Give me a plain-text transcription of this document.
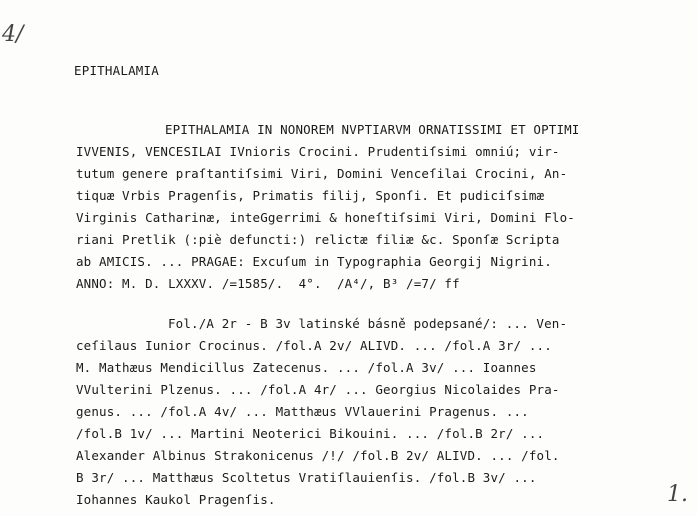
4/
EPITHALAMIA
EPITHALAMIA IN NONOREM NVPTIARVM ORNATISSIMI ET OPTIMI
IVVENIS, VENCESILAI IVnioris Crocini. Prudentiſsimi omniú; vir-
tutum genere praſtantiſsimi Viri, Domini Venceſilai Crocini, An-
tiquæ Vrbis Pragenſis, Primatis filij, Sponſi. Et pudiciſsimæ
Virginis Catharinæ, inteGgerrimi & honeſtiſsimi Viri, Domini Flo-
riani Pretlik (:piè defuncti:) relictæ filiæ &c. Sponſæ Scripta
ab AMICIS. ... PRAGAE: Excuſum in Typographia Georgij Nigrini.
ANNO: M. D. LXXXV. /=1585/.  4°.  /A⁴/, B³ /=7/ ff
Fol./A 2r - B 3v latinské básně podepsané/: ... Ven-
ceſilaus Iunior Crocinus. /fol.A 2v/ ALIVD. ... /fol.A 3r/ ...
M. Mathæus Mendicillus Zatecenus. ... /fol.A 3v/ ... Ioannes
VVulterini Plzenus. ... /fol.A 4r/ ... Georgius Nicolaides Pra-
genus. ... /fol.A 4v/ ... Matthæus VVlauerini Pragenus. ...
/fol.B 1v/ ... Martini Neoterici Bikouini. ... /fol.B 2r/ ...
Alexander Albinus Strakonicenus /!/ /fol.B 2v/ ALIVD. ... /fol.
B 3r/ ... Matthæus Scoltetus Vratiſlauienſis. /fol.B 3v/ ...
Iohannes Kaukol Pragenſis.	1.
